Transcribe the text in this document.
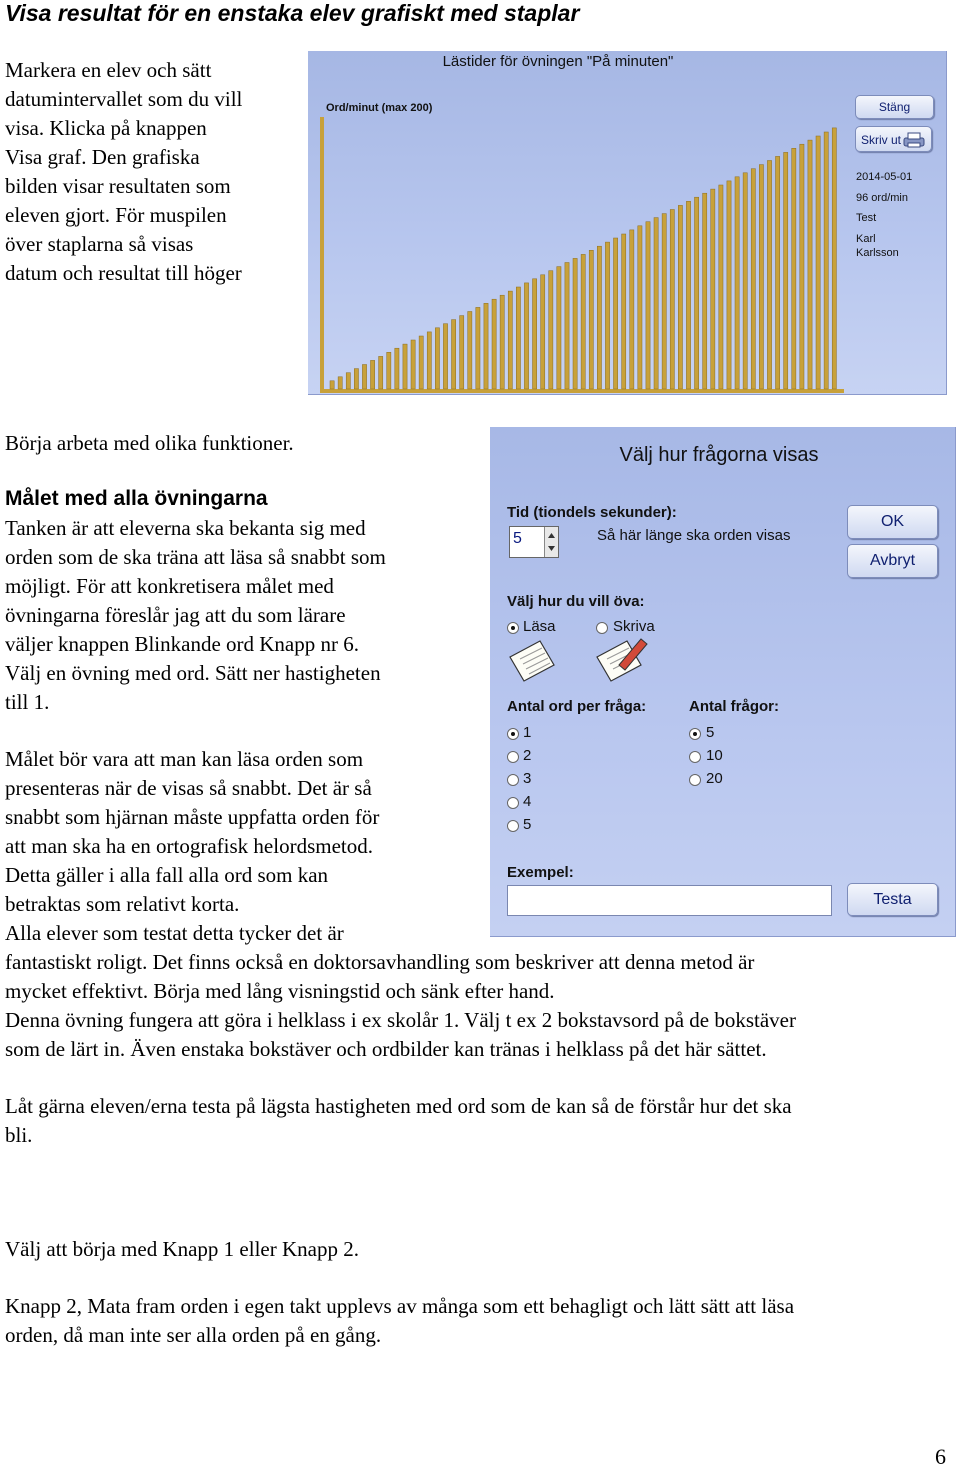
Visa resultat för en enstaka elev grafiskt med staplar
Markera en elev och sätt
datumintervallet som du vill
visa. Klicka på knappen
Visa graf. Den grafiska
bilden visar resultaten som
eleven gjort. För muspilen
över staplarna så visas
datum och resultat till höger
Lästider för övningen "På minuten"
Ord/minut (max 200)	Stäng
Skriv ut
2014-05-01
96 ord/min
Test
Karl
Karlsson
Börja arbeta med olika funktioner.
Målet med alla övningarna
Tanken är att eleverna ska bekanta sig med
orden som de ska träna att läsa så snabbt som
möjligt. För att konkretisera målet med
övningarna föreslår jag att du som lärare
väljer knappen Blinkande ord Knapp nr 6.
Välj en övning med ord. Sätt ner hastigheten
till 1.
Målet bör vara att man kan läsa orden som
presenteras när de visas så snabbt. Det är så
snabbt som hjärnan måste uppfatta orden för
att man ska ha en ortografisk helordsmetod.
Detta gäller i alla fall alla ord som kan
betraktas som relativt korta.
Alla elever som testat detta tycker det är
fantastiskt roligt. Det finns också en doktorsavhandling som beskriver att denna metod är
mycket effektivt. Börja med lång visningstid och sänk efter hand.
Denna övning fungera att göra i helklass i ex skolår 1. Välj t ex 2 bokstavsord på de bokstäver
som de lärt in. Även enstaka bokstäver och ordbilder kan tränas i helklass på det här sättet.
Låt gärna eleven/erna testa på lägsta hastigheten med ord som de kan så de förstår hur det ska
bli.
Välj att börja med Knapp 1 eller Knapp 2.
Knapp 2, Mata fram orden i egen takt upplevs av många som ett behagligt och lätt sätt att läsa
orden, då man inte ser alla orden på en gång.
Välj hur frågorna visas
Tid (tiondels sekunder):
5	Så här länge ska orden visas
OK
Avbryt
Välj hur du vill öva:
Läsa	Skriva
Antal ord per fråga:
1
2
3
4
5
Antal frågor:
5
10
20
Exempel:
Testa
6
